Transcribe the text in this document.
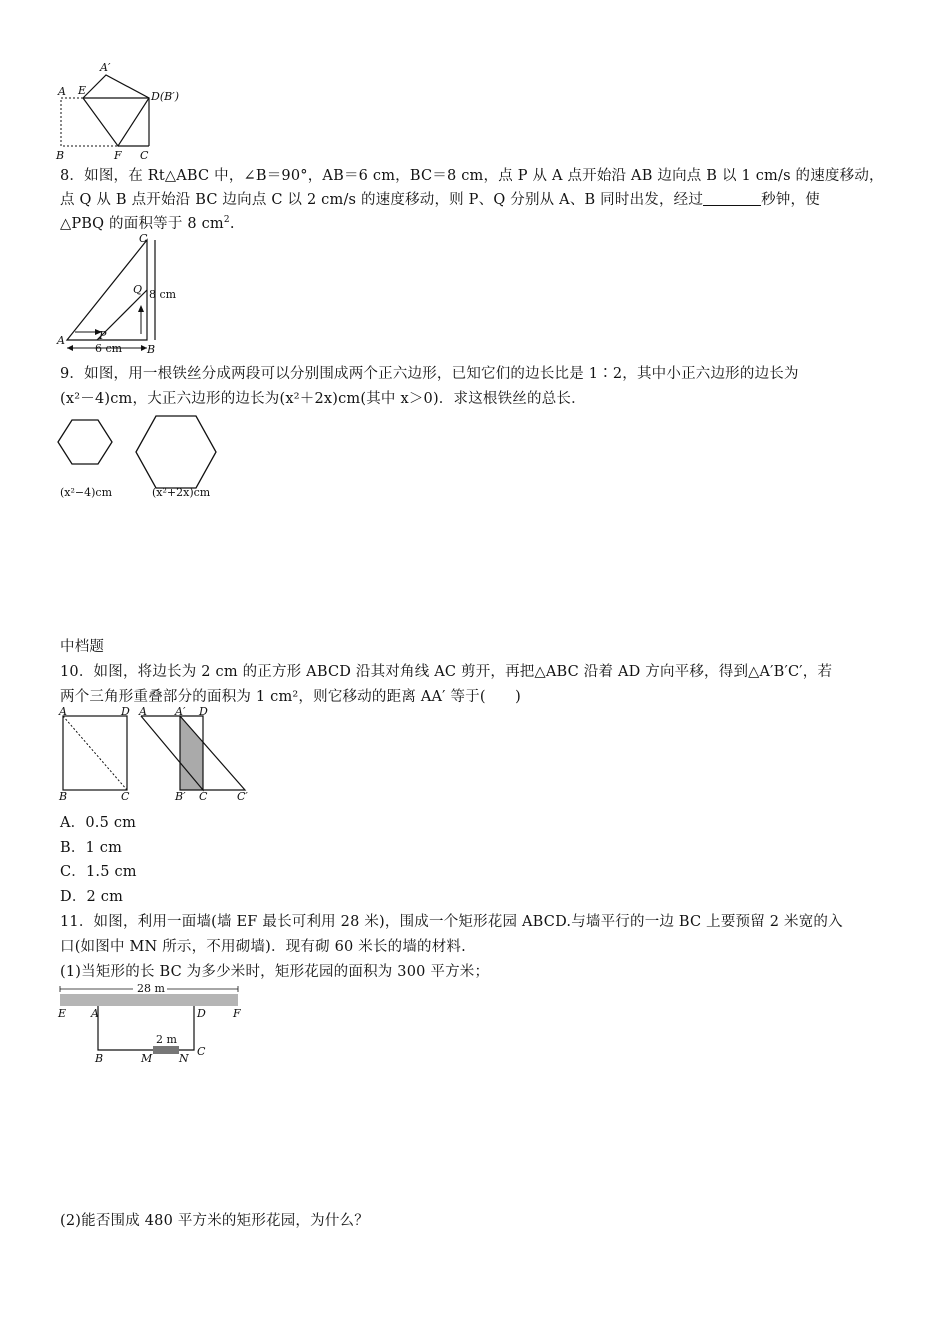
A′
A E	D(B′)
B	F C
8．如图，在 Rt△ABC 中，∠B＝90°，AB＝6 cm，BC＝8 cm，点 P 从 A 点开始沿 AB 边向点 B 以 1 cm/s 的速度移动，
点 Q 从 B 点开始沿 BC 边向点 C 以 2 cm/s 的速度移动，则 P、Q 分别从 A、B 同时出发，经过	秒钟，使
△PBQ 的面积等于 8 $cm^2$.
C
Q 8 cm
A	P
6 cm B
9．如图，用一根铁丝分成两段可以分别围成两个正六边形，已知它们的边长比是 1∶2，其中小正六边形的边长为
(x²－4)cm，大正六边形的边长为(x²＋2x)cm(其中 x＞0)．求这根铁丝的总长．
(x²−4)cm	(x²+2x)cm
中档题
10．如图，将边长为 2 cm 的正方形 ABCD 沿其对角线 AC 剪开，再把△ABC 沿着 AD 方向平移，得到△A′B′C′，若
两个三角形重叠部分的面积为 1 cm²，则它移动的距离 AA′ 等于(　　)
A	D
B	C
A	A′ D
B′ C	C′
A．0.5 cm
B．1 cm
C．1.5 cm
D．2 cm
11．如图，利用一面墙(墙 EF 最长可利用 28 米)，围成一个矩形花园 ABCD.与墙平行的一边 BC 上要预留 2 米宽的入
口(如图中 MN 所示，不用砌墙)．现有砌 60 米长的墙的材料.
(1)当矩形的长 BC 为多少米时，矩形花园的面积为 300 平方米；
28 m
2 m
E A	D F
B	M N
C
(2)能否围成 480 平方米的矩形花园，为什么？
